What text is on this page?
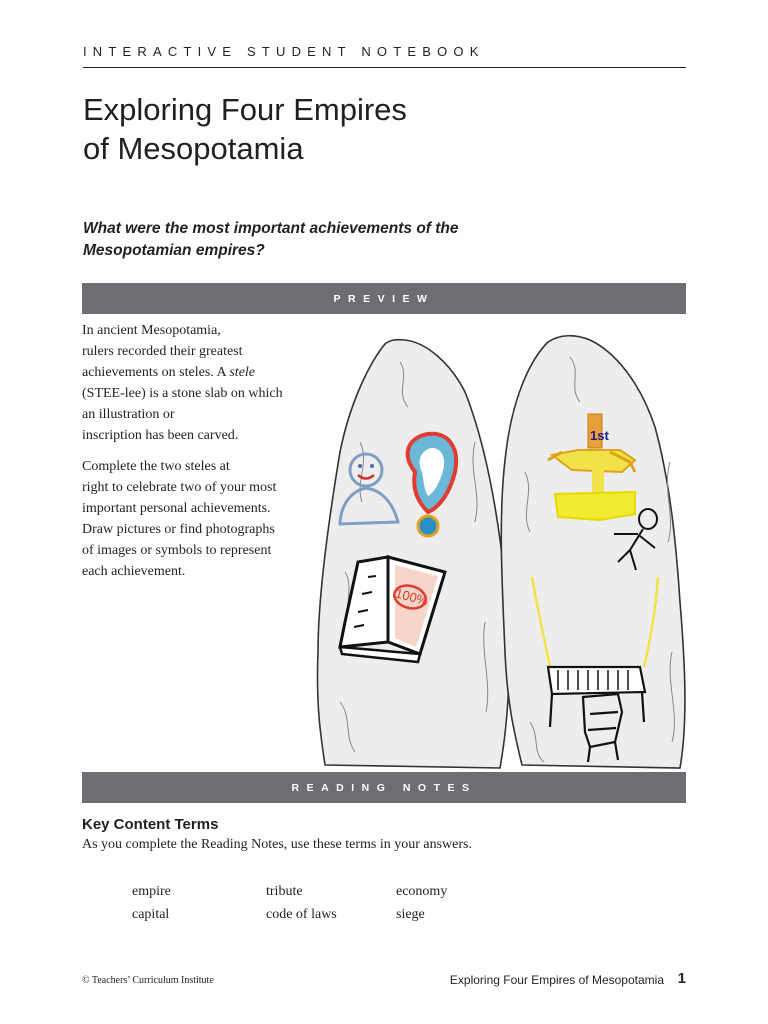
INTERACTIVE STUDENT NOTEBOOK
Exploring Four Empires
of Mesopotamia
What were the most important achievements of the
Mesopotamian empires?
PREVIEW

In ancient Mesopotamia,
rulers recorded their greatest
achievements on steles. A stele
(STEE-lee) is a stone slab on which
an illustration or
inscription has been carved.

Complete the two steles at
right to celebrate two of your most
important personal achievements.
Draw pictures or find photographs
of images or symbols to represent
each achievement.

100%
1st
READING NOTES
Key Content Terms

As you complete the Reading Notes, use these terms in your answers.

empire	tribute	economy

capital	code of laws	siege

© Teachers’ Curriculum Institute	Exploring Four Empires of Mesopotamia 1
